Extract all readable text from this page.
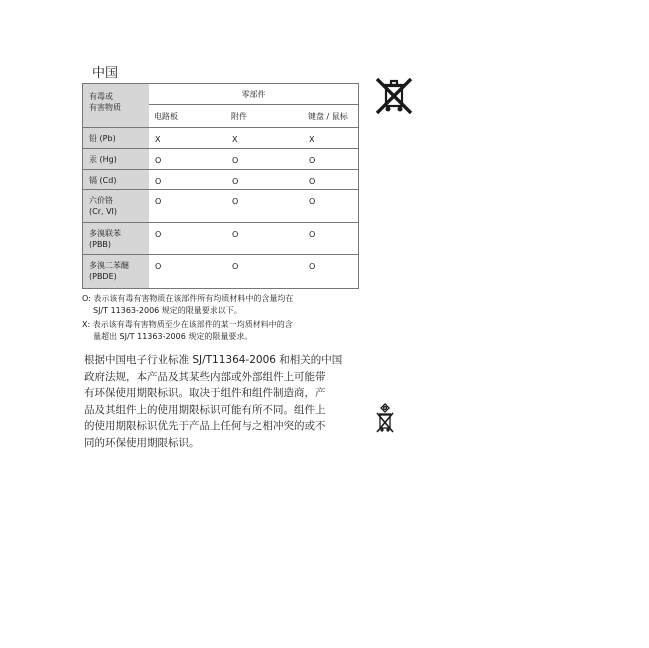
中国
有毒或
有害物质	零部件		
	电路板	附件	键盘 / 鼠标

铅 (Pb)	X	X	X

汞 (Hg)	O	O	O

镉 (Cd)	O	O	O

六价铬
(Cr, VI)	O	O	O

多溴联苯
(PBB)	O	O	O

多溴二苯醚
(PBDE)	O	O	O
O: 表示该有毒有害物质在该部件所有均质材料中的含量均在
SJ/T 11363-2006 规定的限量要求以下。
X: 表示该有毒有害物质至少在该部件的某一均质材料中的含
量超出 SJ/T 11363-2006 规定的限量要求。
根据中国电子行业标准 SJ/T11364-2006 和相关的中国
政府法规，本产品及其某些内部或外部组件上可能带
有环保使用期限标识。取决于组件和组件制造商，产
品及其组件上的使用期限标识可能有所不同。组件上
的使用期限标识优先于产品上任何与之相冲突的或不
同的环保使用期限标识。
